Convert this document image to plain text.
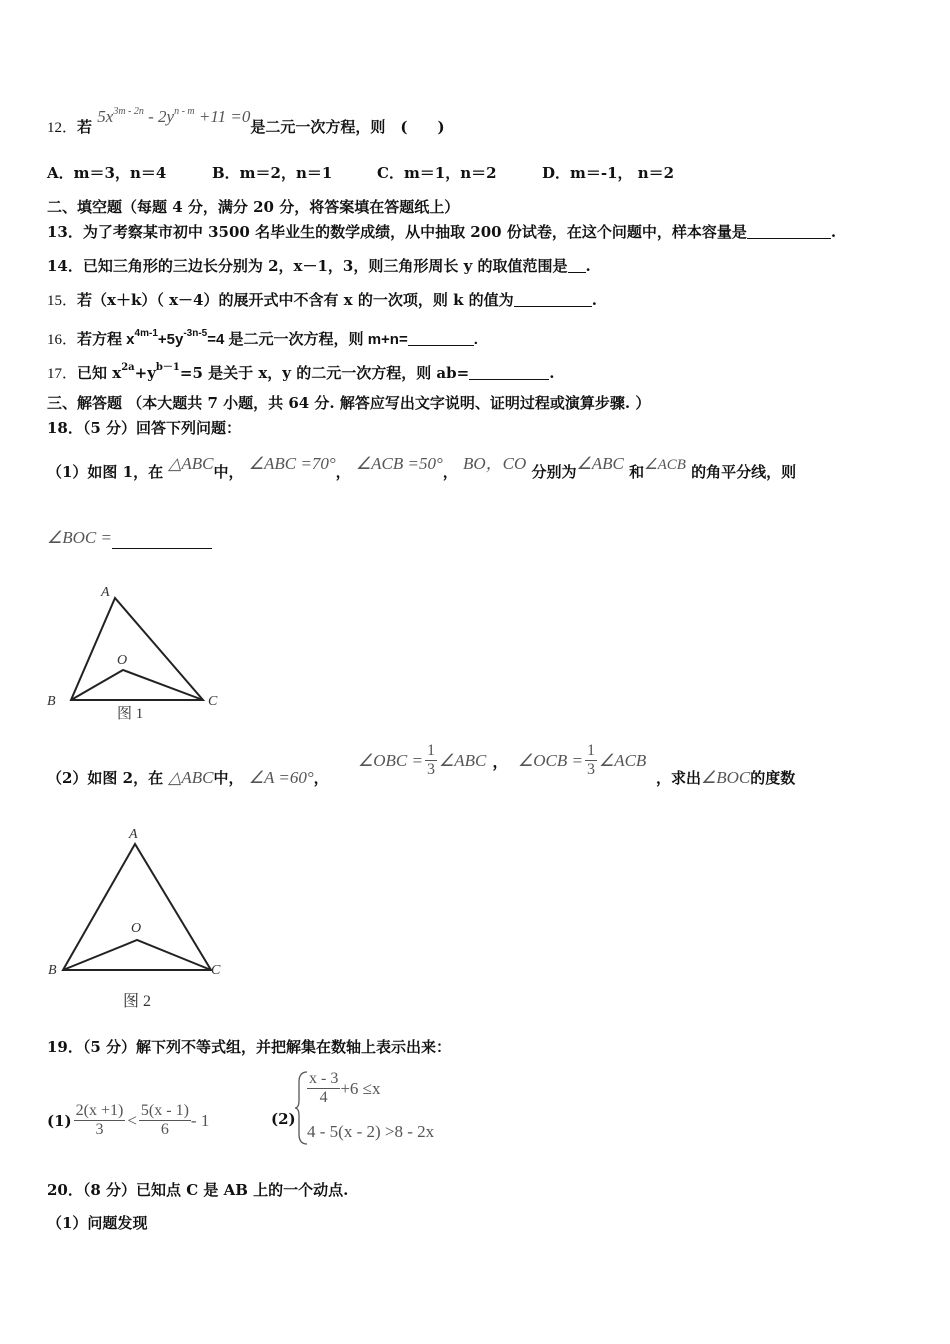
12．若 $5x^{3m - 2n} - 2y^{n - m} +11 =0$是二元一次方程，则　(　　)
A．m＝3，n＝4	B．m＝2，n＝1	C．m＝1，n＝2	D．m＝-1， n＝2
二、填空题（每题 4 分，满分 20 分，将答案填在答题纸上）
13．为了考察某市初中 3500 名毕业生的数学成绩，从中抽取 200 份试卷，在这个问题中，样本容量是	.
14．已知三角形的三边长分别为 2，x－1，3，则三角形周长 y 的取值范围是 .
15．若（x＋k）（ x－4）的展开式中不含有 x 的一次项，则 k 的值为	.
16．若方程 $x^{4m-1}+5y^{-3n-5}=4$ 是二元一次方程，则 m+n=	.
17．已知 $x^{2a}+y^{b-1}=5$ 是关于 x，y 的二元一次方程，则 ab=	.
三、解答题 （本大题共 7 小题，共 64 分. 解答应写出文字说明、证明过程或演算步骤. ）
18．（5 分）回答下列问题：
（1）如图 1，在 △ABC中， ∠ABC =70°， ∠ACB =50°， BO，CO 分别为∠ABC 和∠ACB 的角平分线，则
∠BOC =
A
O
B	C
图 1
（2）如图 2，在 △ABC中， ∠A =60°，
∠OBC = $\frac{1}{3}$ ∠ABC ， ∠OCB = $\frac{1}{3}$ ∠ACB
，求出∠BOC的度数
A
O
B	C
图 2
19．（5 分）解下列不等式组，并把解集在数轴上表示出来：
$(1) \frac{2(x +1)}{3} < \frac{5(x - 1)}{6} - 1$	(2)
$\frac{x - 3}{4} +6 \le x$
4 - 5(x - 2) >8 - 2x
20．（8 分）已知点 C 是 AB 上的一个动点.
（1）问题发现
